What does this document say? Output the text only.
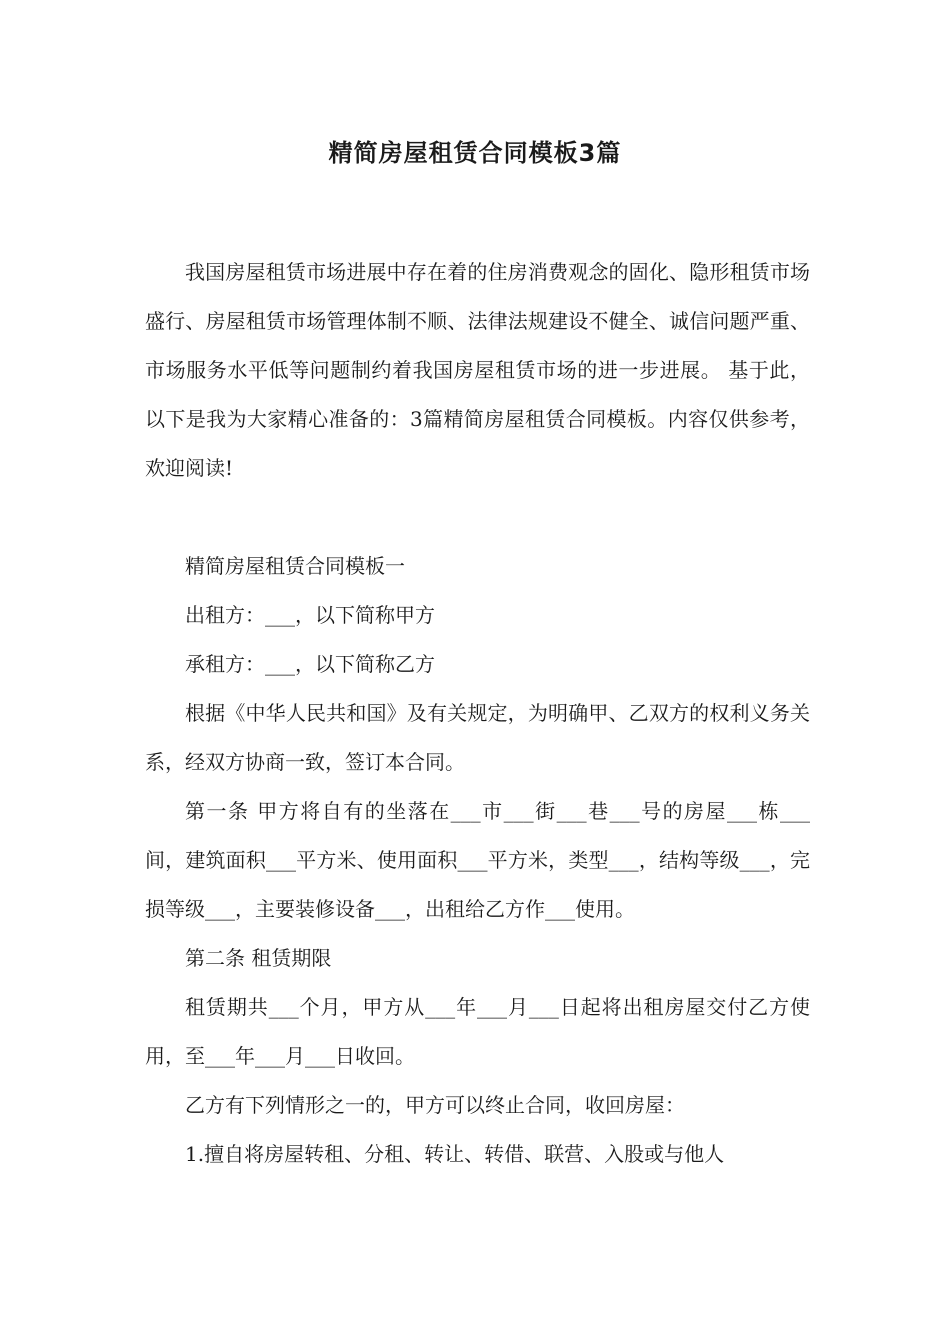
精简房屋租赁合同模板3篇

我国房屋租赁市场进展中存在着的住房消费观念的固化、隐形租赁市场盛行、房屋租赁市场管理体制不顺、法律法规建设不健全、诚信问题严重、市场服务水平低等问题制约着我国房屋租赁市场的进一步进展。 基于此，以下是我为大家精心准备的：3篇精简房屋租赁合同模板。内容仅供参考，欢迎阅读!

精简房屋租赁合同模板一

出租方：___，以下简称甲方

承租方：___，以下简称乙方

根据《中华人民共和国》及有关规定，为明确甲、乙双方的权利义务关系，经双方协商一致，签订本合同。

第一条 甲方将自有的坐落在___市___街___巷___号的房屋___栋___间，建筑面积___平方米、使用面积___平方米，类型___，结构等级___，完损等级___，主要装修设备___，出租给乙方作___使用。

第二条 租赁期限

租赁期共___个月，甲方从___年___月___日起将出租房屋交付乙方使用，至___年___月___日收回。

乙方有下列情形之一的，甲方可以终止合同，收回房屋：

1.擅自将房屋转租、分租、转让、转借、联营、入股或与他人
